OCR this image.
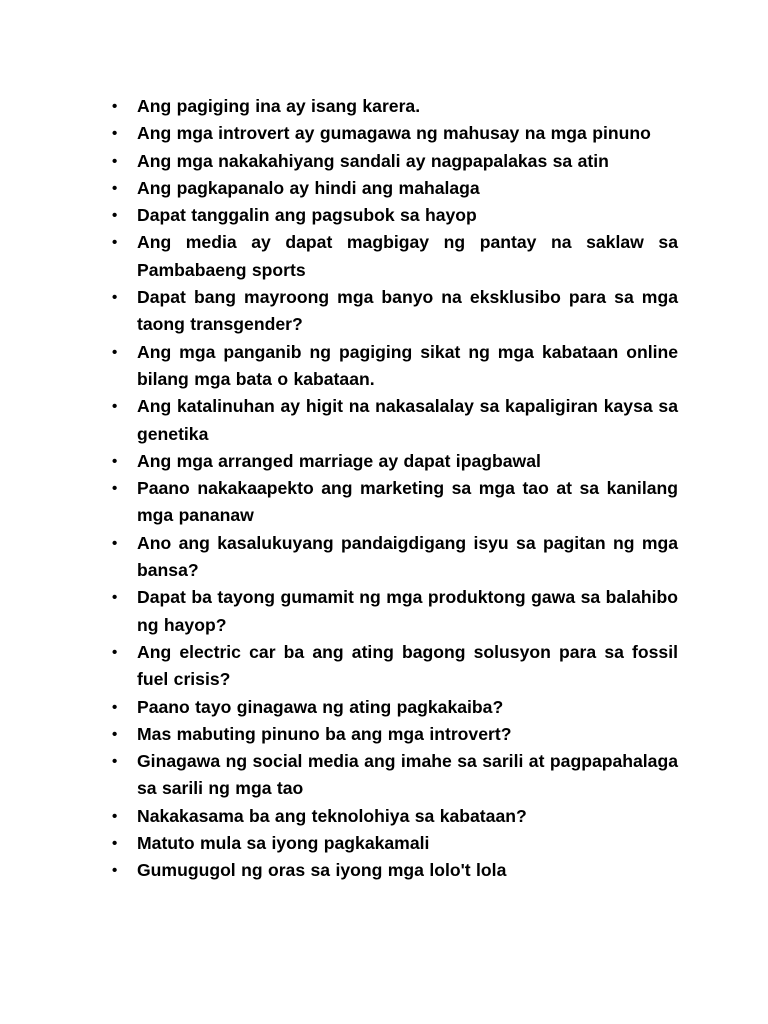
• Ang pagiging ina ay isang karera.
• Ang mga introvert ay gumagawa ng mahusay na mga pinuno
• Ang mga nakakahiyang sandali ay nagpapalakas sa atin
• Ang pagkapanalo ay hindi ang mahalaga
• Dapat tanggalin ang pagsubok sa hayop
• Ang media ay dapat magbigay ng pantay na saklaw sa Pambabaeng sports
• Dapat bang mayroong mga banyo na eksklusibo para sa mga taong transgender?
• Ang mga panganib ng pagiging sikat ng mga kabataan online bilang mga bata o kabataan.
• Ang katalinuhan ay higit na nakasalalay sa kapaligiran kaysa sa genetika
• Ang mga arranged marriage ay dapat ipagbawal
• Paano nakakaapekto ang marketing sa mga tao at sa kanilang mga pananaw
• Ano ang kasalukuyang pandaigdigang isyu sa pagitan ng mga bansa?
• Dapat ba tayong gumamit ng mga produktong gawa sa balahibo ng hayop?
• Ang electric car ba ang ating bagong solusyon para sa fossil fuel crisis?
• Paano tayo ginagawa ng ating pagkakaiba?
• Mas mabuting pinuno ba ang mga introvert?
• Ginagawa ng social media ang imahe sa sarili at pagpapahalaga sa sarili ng mga tao
• Nakakasama ba ang teknolohiya sa kabataan?
• Matuto mula sa iyong pagkakamali
• Gumugugol ng oras sa iyong mga lolo't lola
